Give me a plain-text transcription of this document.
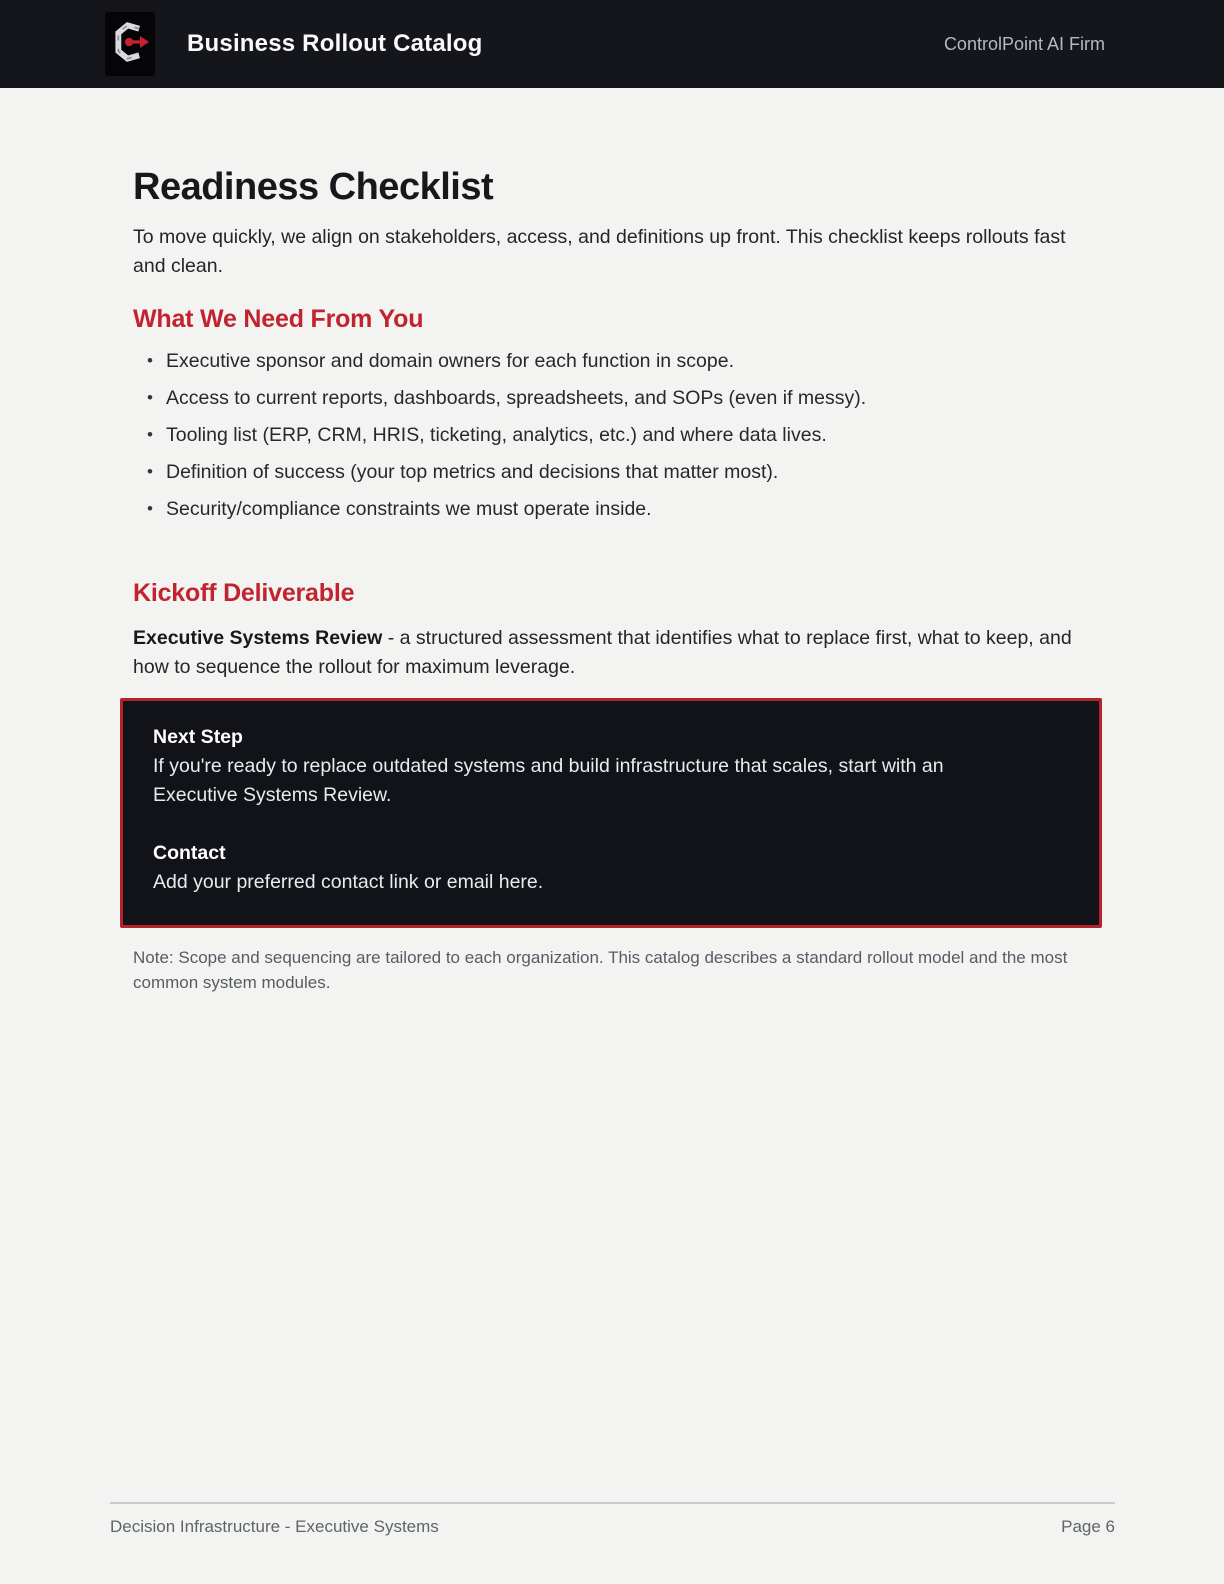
Business Rollout Catalog	ControlPoint AI Firm
Readiness Checklist

To move quickly, we align on stakeholders, access, and definitions up front. This checklist keeps rollouts fast and clean.

What We Need From You
• Executive sponsor and domain owners for each function in scope.
• Access to current reports, dashboards, spreadsheets, and SOPs (even if messy).
• Tooling list (ERP, CRM, HRIS, ticketing, analytics, etc.) and where data lives.
• Definition of success (your top metrics and decisions that matter most).
• Security/compliance constraints we must operate inside.
Kickoff Deliverable

Executive Systems Review - a structured assessment that identifies what to replace first, what to keep, and how to sequence the rollout for maximum leverage.

Next Step
If you're ready to replace outdated systems and build infrastructure that scales, start with an Executive Systems Review.
Contact
Add your preferred contact link or email here.

Note: Scope and sequencing are tailored to each organization. This catalog describes a standard rollout model and the most common system modules.

Decision Infrastructure - Executive Systems	Page 6
